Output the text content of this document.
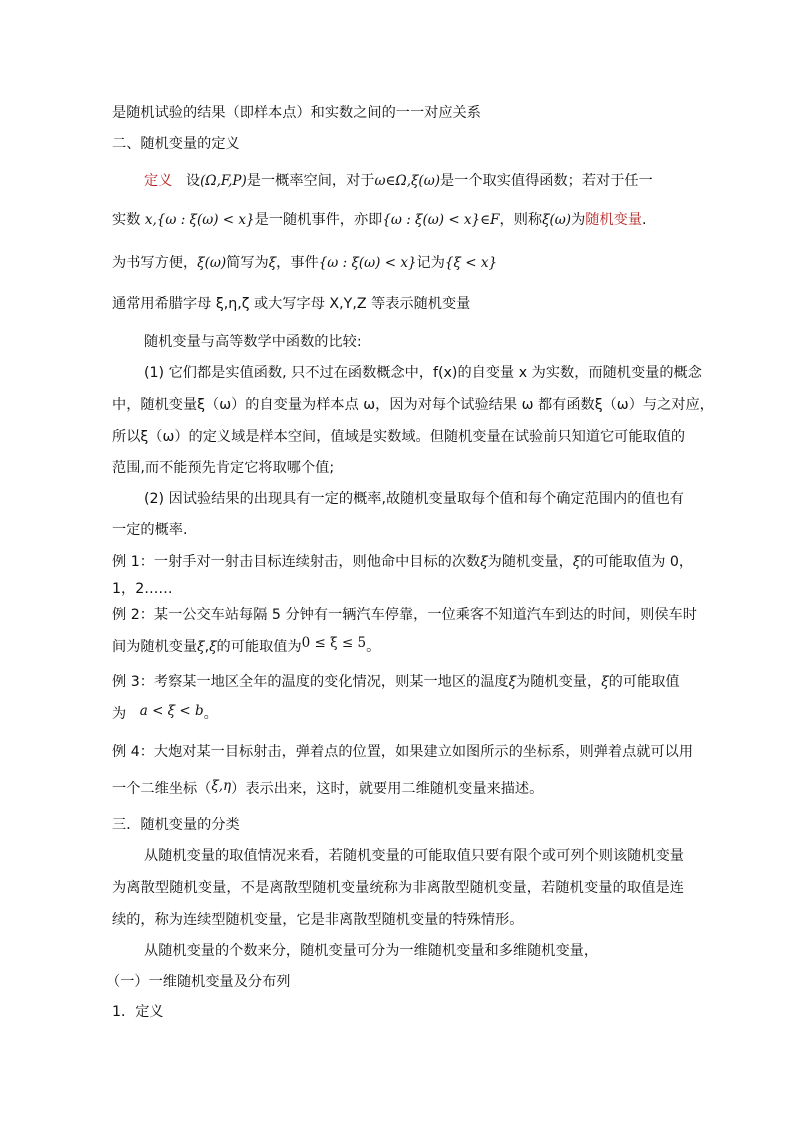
是随机试验的结果（即样本点）和实数之间的一一对应关系
二、随机变量的定义
定义 设(Ω,F,P)是一概率空间，对于ω∈Ω,ξ(ω)是一个取实值得函数；若对于任一
实数 x,{ω : ξ(ω) < x}是一随机事件，亦即{ω : ξ(ω) < x}∈F，则称ξ(ω)为随机变量.
为书写方便，ξ(ω)简写为ξ，事件{ω : ξ(ω) < x}记为{ξ < x}
通常用希腊字母 ξ,η,ζ 或大写字母 X,Y,Z 等表示随机变量
随机变量与高等数学中函数的比较:
(1) 它们都是实值函数, 只不过在函数概念中，f(x)的自变量 x 为实数，而随机变量的概念
中，随机变量ξ（ω）的自变量为样本点 ω，因为对每个试验结果 ω 都有函数ξ（ω）与之对应，
所以ξ（ω）的定义域是样本空间，值域是实数域。但随机变量在试验前只知道它可能取值的
范围,而不能预先肯定它将取哪个值;
(2) 因试验结果的出现具有一定的概率,故随机变量取每个值和每个确定范围内的值也有
一定的概率.
例 1：一射手对一射击目标连续射击，则他命中目标的次数ξ为随机变量，ξ的可能取值为 0，
1，2……
例 2：某一公交车站每隔 5 分钟有一辆汽车停靠，一位乘客不知道汽车到达的时间，则侯车时
间为随机变量ξ,ξ的可能取值为0 ≤ ξ ≤ 5。
例 3：考察某一地区全年的温度的变化情况，则某一地区的温度ξ为随机变量，ξ的可能取值
为 a < ξ < b。
例 4：大炮对某一目标射击，弹着点的位置，如果建立如图所示的坐标系，则弹着点就可以用
一个二维坐标（ξ,η）表示出来，这时，就要用二维随机变量来描述。
三．随机变量的分类
从随机变量的取值情况来看，若随机变量的可能取值只要有限个或可列个则该随机变量
为离散型随机变量，不是离散型随机变量统称为非离散型随机变量，若随机变量的取值是连
续的，称为连续型随机变量，它是非离散型随机变量的特殊情形。
从随机变量的个数来分，随机变量可分为一维随机变量和多维随机变量，
（一）一维随机变量及分布列
1．定义
